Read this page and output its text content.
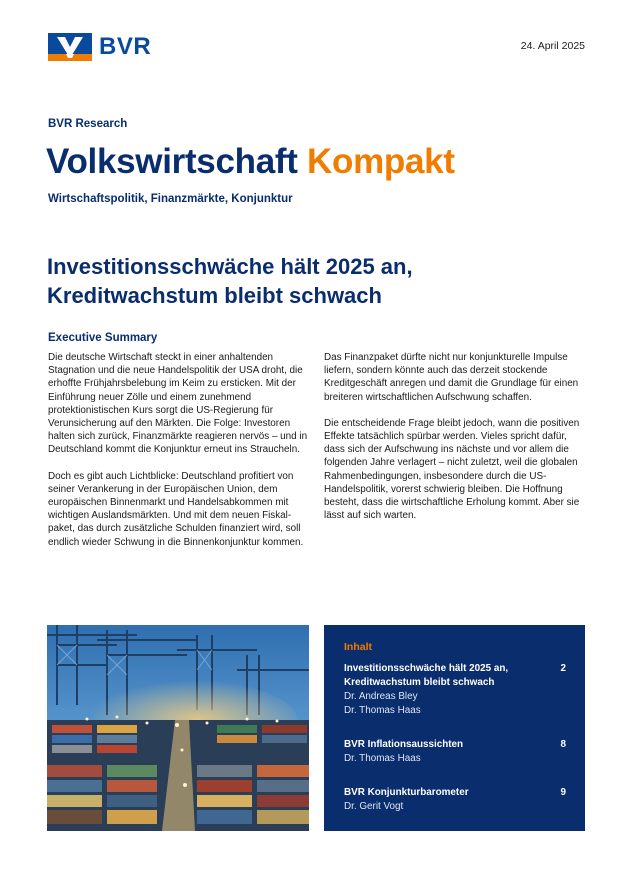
BVR	24. April 2025
BVR Research
Volkswirtschaft Kompakt
Wirtschaftspolitik, Finanzmärkte, Konjunktur
Investitionsschwäche hält 2025 an,
Kreditwachstum bleibt schwach
Executive Summary

Die deutsche Wirtschaft steckt in einer anhaltenden Stagnation und die neue Handelspolitik der USA droht, die erhoffte Frühjahrsbelebung im Keim zu ersticken. Mit der Einführung neuer Zölle und einem zunehmend protektionistischen Kurs sorgt die US-Regierung für Verunsicherung auf den Märkten. Die Folge: Investoren halten sich zurück, Finanzmärkte reagieren nervös – und in Deutschland kommt die Konjunktur erneut ins Straucheln.

Doch es gibt auch Lichtblicke: Deutschland profitiert von seiner Verankerung in der Europäischen Union, dem europäischen Binnenmarkt und Handelsabkommen mit wichtigen Auslandsmärkten. Und mit dem neuen Fiskal-paket, das durch zusätzliche Schulden finanziert wird, soll endlich wieder Schwung in die Binnenkonjunktur kommen.

Das Finanzpaket dürfte nicht nur konjunkturelle Impulse liefern, sondern könnte auch das derzeit stockende Kreditgeschäft anregen und damit die Grundlage für einen breiteren wirtschaftlichen Aufschwung schaffen.

Die entscheidende Frage bleibt jedoch, wann die positiven Effekte tatsächlich spürbar werden. Vieles spricht dafür, dass sich der Aufschwung ins nächste und vor allem die folgenden Jahre verlagert – nicht zuletzt, weil die globalen Rahmenbedingungen, insbesondere durch die US-Handelspolitik, vorerst schwierig bleiben. Die Hoffnung besteht, dass die wirtschaftliche Erholung kommt. Aber sie lässt auf sich warten.

Inhalt
Investitionsschwäche hält 2025 an, Kreditwachstum bleibt schwach
Dr. Andreas Bley
Dr. Thomas Haas
2
BVR Inflationsaussichten
Dr. Thomas Haas
8
BVR Konjunkturbarometer
Dr. Gerit Vogt
9
